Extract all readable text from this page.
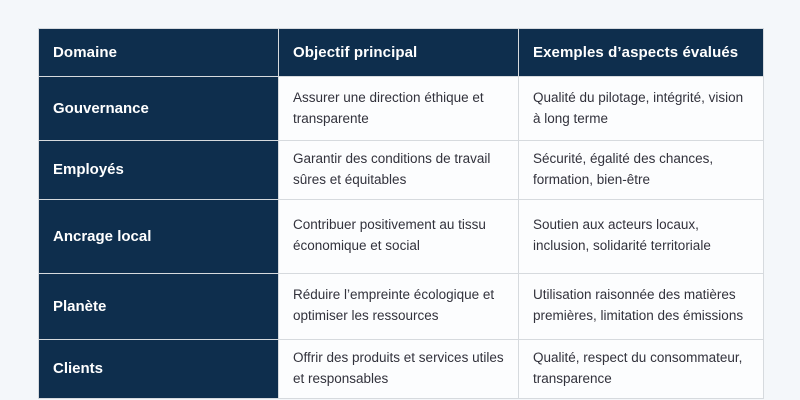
Domaine	Objectif principal	Exemples d’aspects évalués
Gouvernance	Assurer une direction éthique et transparente	Qualité du pilotage, intégrité, vision à long terme
Employés	Garantir des conditions de travail sûres et équitables	Sécurité, égalité des chances, formation, bien-être
Ancrage local	Contribuer positivement au tissu économique et social	Soutien aux acteurs locaux, inclusion, solidarité territoriale
Planète	Réduire l’empreinte écologique et optimiser les ressources	Utilisation raisonnée des matières premières, limitation des émissions
Clients	Offrir des produits et services utiles et responsables	Qualité, respect du consommateur, transparence
